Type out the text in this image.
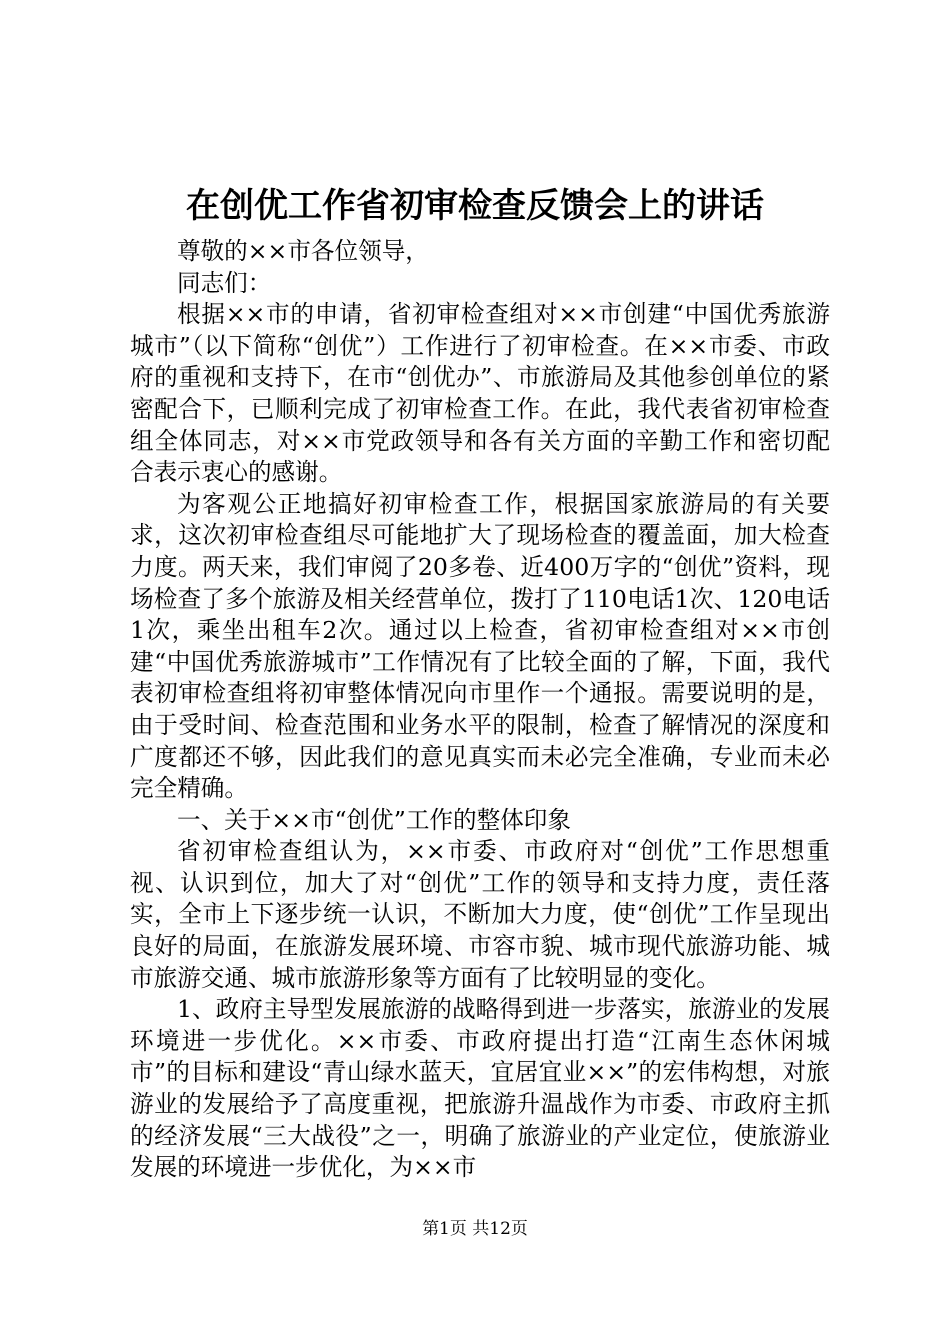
在创优工作省初审检查反馈会上的讲话

尊敬的××市各位领导，

同志们：

根据××市的申请，省初审检查组对××市创建“中国优秀旅游城市”（以下简称“创优”）工作进行了初审检查。在××市委、市政府的重视和支持下，在市“创优办”、市旅游局及其他参创单位的紧密配合下，已顺利完成了初审检查工作。在此，我代表省初审检查组全体同志，对××市党政领导和各有关方面的辛勤工作和密切配合表示衷心的感谢。

为客观公正地搞好初审检查工作，根据国家旅游局的有关要求，这次初审检查组尽可能地扩大了现场检查的覆盖面，加大检查力度。两天来，我们审阅了20多卷、近400万字的“创优”资料，现场检查了多个旅游及相关经营单位，拨打了110电话1次、120电话1次，乘坐出租车2次。通过以上检查，省初审检查组对××市创建“中国优秀旅游城市”工作情况有了比较全面的了解，下面，我代表初审检查组将初审整体情况向市里作一个通报。需要说明的是，由于受时间、检查范围和业务水平的限制，检查了解情况的深度和广度都还不够，因此我们的意见真实而未必完全准确，专业而未必完全精确。

一、关于××市“创优”工作的整体印象

省初审检查组认为，××市委、市政府对“创优”工作思想重视、认识到位，加大了对“创优”工作的领导和支持力度，责任落实，全市上下逐步统一认识，不断加大力度，使“创优”工作呈现出良好的局面，在旅游发展环境、市容市貌、城市现代旅游功能、城市旅游交通、城市旅游形象等方面有了比较明显的变化。

1、政府主导型发展旅游的战略得到进一步落实，旅游业的发展环境进一步优化。××市委、市政府提出打造“江南生态休闲城市”的目标和建设“青山绿水蓝天，宜居宜业××”的宏伟构想，对旅游业的发展给予了高度重视，把旅游升温战作为市委、市政府主抓的经济发展“三大战役”之一，明确了旅游业的产业定位，使旅游业发展的环境进一步优化，为××市

第1页 共12页
